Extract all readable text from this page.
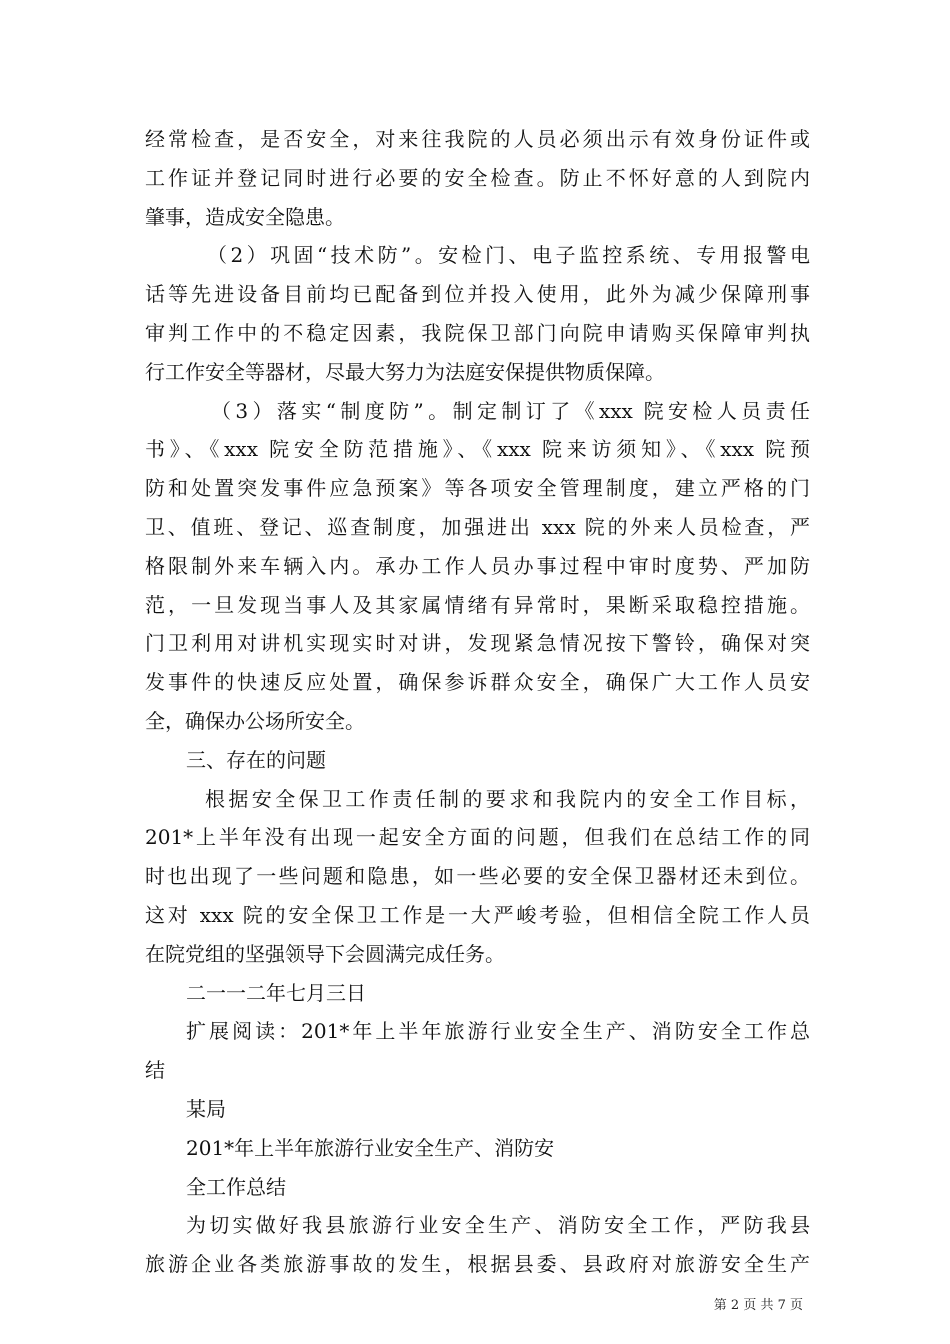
经常检查，是否安全，对来往我院的人员必须出示有效身份证件或
工作证并登记同时进行必要的安全检查。防止不怀好意的人到院内
肇事，造成安全隐患。
（2）巩固“技术防”。安检门、电子监控系统、专用报警电
话等先进设备目前均已配备到位并投入使用，此外为减少保障刑事
审判工作中的不稳定因素，我院保卫部门向院申请购买保障审判执
行工作安全等器材，尽最大努力为法庭安保提供物质保障。
（3）落实“制度防”。制定制订了《xxx 院安检人员责任
书》、《xxx 院安全防范措施》、《xxx 院来访须知》、《xxx 院预
防和处置突发事件应急预案》等各项安全管理制度，建立严格的门
卫、值班、登记、巡查制度，加强进出 xxx 院的外来人员检查，严
格限制外来车辆入内。承办工作人员办事过程中审时度势、严加防
范，一旦发现当事人及其家属情绪有异常时，果断采取稳控措施。
门卫利用对讲机实现实时对讲，发现紧急情况按下警铃，确保对突
发事件的快速反应处置，确保参诉群众安全，确保广大工作人员安
全，确保办公场所安全。
三、存在的问题
根据安全保卫工作责任制的要求和我院内的安全工作目标，
201*上半年没有出现一起安全方面的问题，但我们在总结工作的同
时也出现了一些问题和隐患，如一些必要的安全保卫器材还未到位。
这对 xxx 院的安全保卫工作是一大严峻考验，但相信全院工作人员
在院党组的坚强领导下会圆满完成任务。
二一一二年七月三日
扩展阅读：201*年上半年旅游行业安全生产、消防安全工作总
结
某局
201*年上半年旅游行业安全生产、消防安
全工作总结
为切实做好我县旅游行业安全生产、消防安全工作，严防我县
旅游企业各类旅游事故的发生，根据县委、县政府对旅游安全生产
第 2 页 共 7 页
